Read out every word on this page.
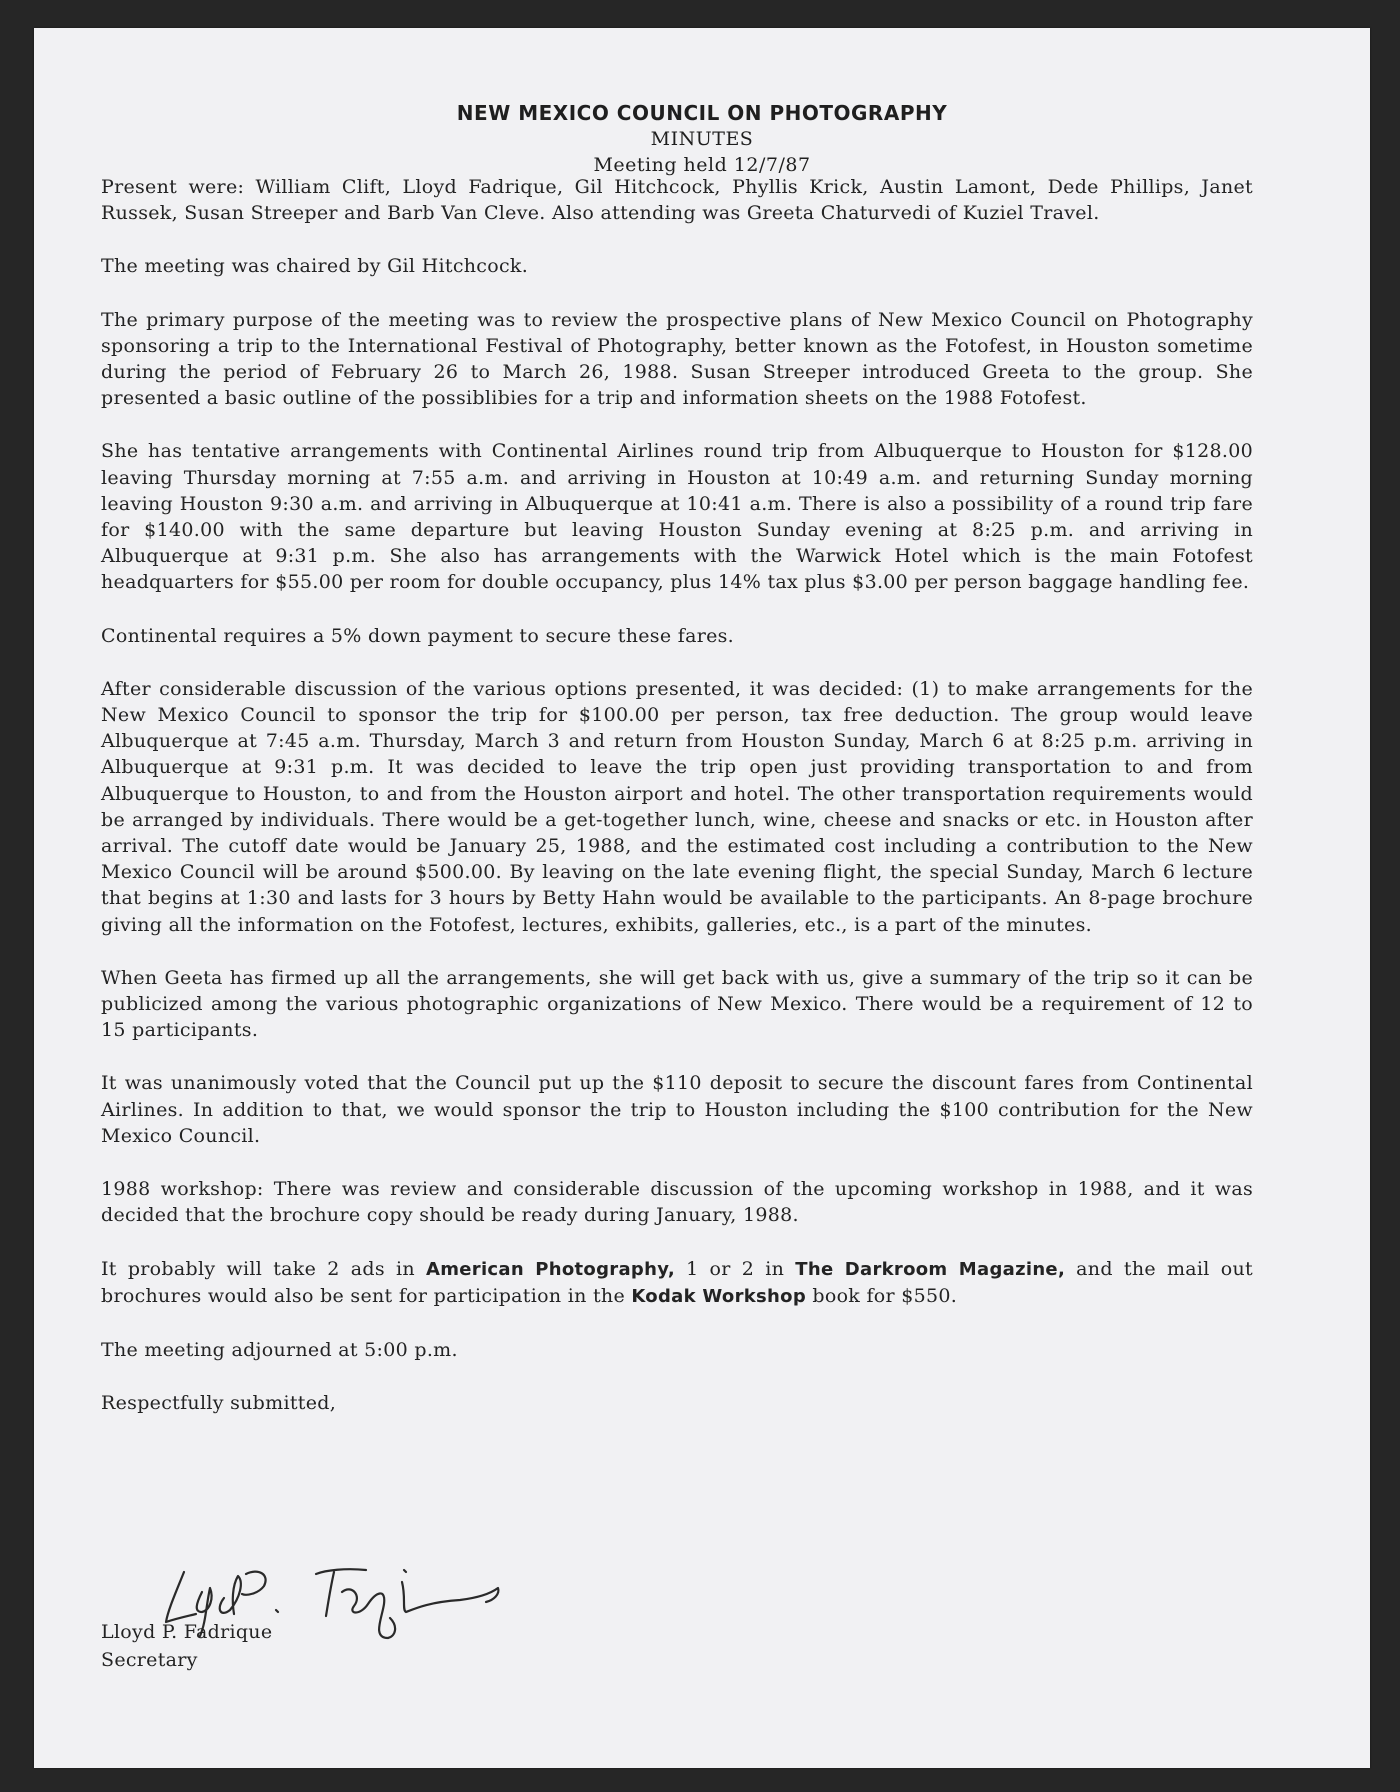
NEW MEXICO COUNCIL ON PHOTOGRAPHY
MINUTES
Meeting held 12/7/87

Present were: William Clift, Lloyd Fadrique, Gil Hitchcock, Phyllis Krick, Austin Lamont, Dede Phillips, Janet Russek, Susan Streeper and Barb Van Cleve. Also attending was Greeta Chaturvedi of Kuziel Travel.

The meeting was chaired by Gil Hitchcock.

The primary purpose of the meeting was to review the prospective plans of New Mexico Council on Photography sponsoring a trip to the International Festival of Photography, better known as the Fotofest, in Houston sometime during the period of February 26 to March 26, 1988. Susan Streeper introduced Greeta to the group. She presented a basic outline of the possiblibies for a trip and information sheets on the 1988 Fotofest.

She has tentative arrangements with Continental Airlines round trip from Albuquerque to Houston for $128.00 leaving Thursday morning at 7:55 a.m. and arriving in Houston at 10:49 a.m. and returning Sunday morning leaving Houston 9:30 a.m. and arriving in Albuquerque at 10:41 a.m. There is also a possibility of a round trip fare for $140.00 with the same departure but leaving Houston Sunday evening at 8:25 p.m. and arriving in Albuquerque at 9:31 p.m. She also has arrangements with the Warwick Hotel which is the main Fotofest headquarters for $55.00 per room for double occupancy, plus 14% tax plus $3.00 per person baggage handling fee.

Continental requires a 5% down payment to secure these fares.

After considerable discussion of the various options presented, it was decided: (1) to make arrangements for the New Mexico Council to sponsor the trip for $100.00 per person, tax free deduction. The group would leave Albuquerque at 7:45 a.m. Thursday, March 3 and return from Houston Sunday, March 6 at 8:25 p.m. arriving in Albuquerque at 9:31 p.m. It was decided to leave the trip open just providing transportation to and from Albuquerque to Houston, to and from the Houston airport and hotel. The other transportation requirements would be arranged by individuals. There would be a get-together lunch, wine, cheese and snacks or etc. in Houston after arrival. The cutoff date would be January 25, 1988, and the estimated cost including a contribution to the New Mexico Council will be around $500.00. By leaving on the late evening flight, the special Sunday, March 6 lecture that begins at 1:30 and lasts for 3 hours by Betty Hahn would be available to the participants. An 8-page brochure giving all the information on the Fotofest, lectures, exhibits, galleries, etc., is a part of the minutes.

When Geeta has firmed up all the arrangements, she will get back with us, give a summary of the trip so it can be publicized among the various photographic organizations of New Mexico. There would be a requirement of 12 to 15 participants.

It was unanimously voted that the Council put up the $110 deposit to secure the discount fares from Continental Airlines. In addition to that, we would sponsor the trip to Houston including the $100 contribution for the New Mexico Council.

1988 workshop: There was review and considerable discussion of the upcoming workshop in 1988, and it was decided that the brochure copy should be ready during January, 1988.

It probably will take 2 ads in American Photography, 1 or 2 in The Darkroom Magazine, and the mail out brochures would also be sent for participation in the Kodak Workshop book for $550.

The meeting adjourned at 5:00 p.m.

Respectfully submitted,

Lloyd P. Fadrique
Secretary
